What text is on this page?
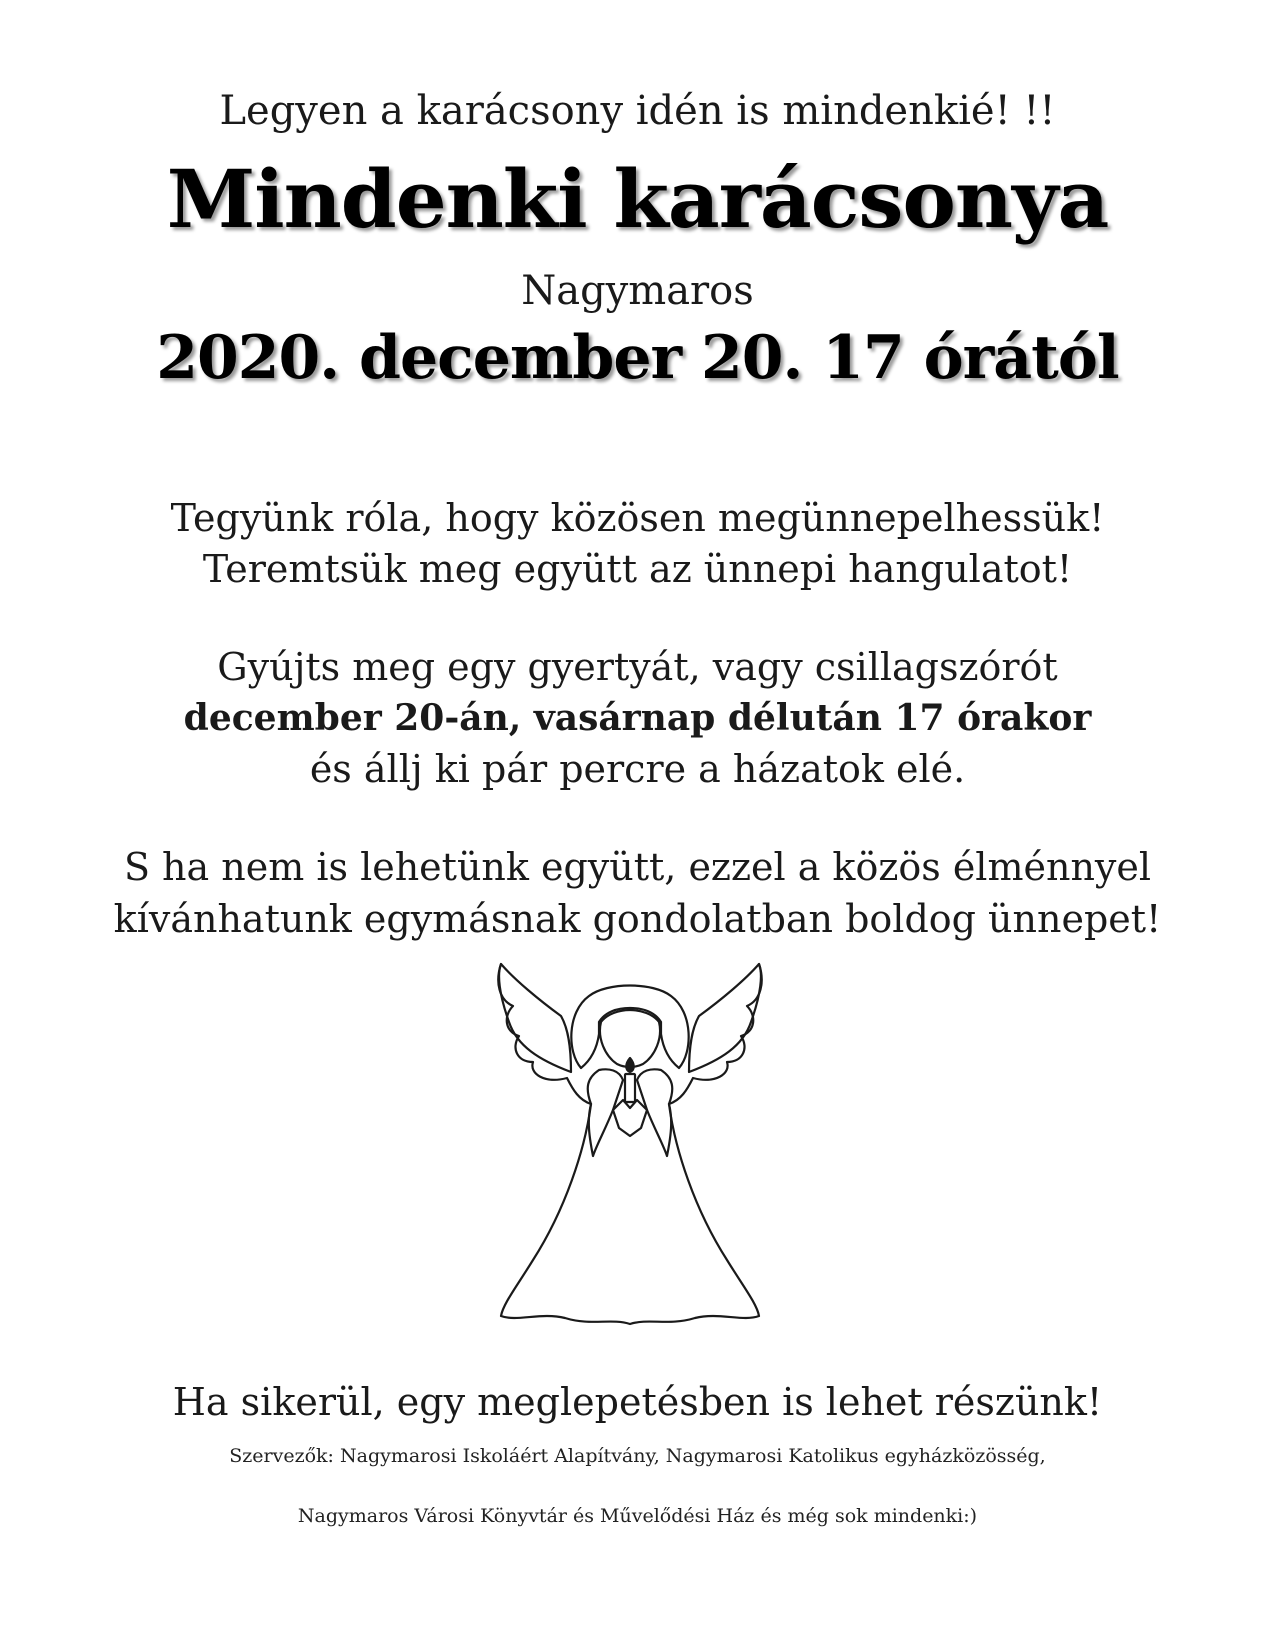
Legyen a karácsony idén is mindenkié! !!
Mindenki karácsonya
Nagymaros
2020. december 20. 17 órától
Tegyünk róla, hogy közösen megünnepelhessük!
Teremtsük meg együtt az ünnepi hangulatot!
Gyújts meg egy gyertyát, vagy csillagszórót
december 20-án, vasárnap délután 17 órakor
és állj ki pár percre a házatok elé.
S ha nem is lehetünk együtt, ezzel a közös élménnyel
kívánhatunk egymásnak gondolatban boldog ünnepet!
Ha sikerül, egy meglepetésben is lehet részünk!
Szervezők: Nagymarosi Iskoláért Alapítvány, Nagymarosi Katolikus egyházközösség,
Nagymaros Városi Könyvtár és Művelődési Ház és még sok mindenki:)
